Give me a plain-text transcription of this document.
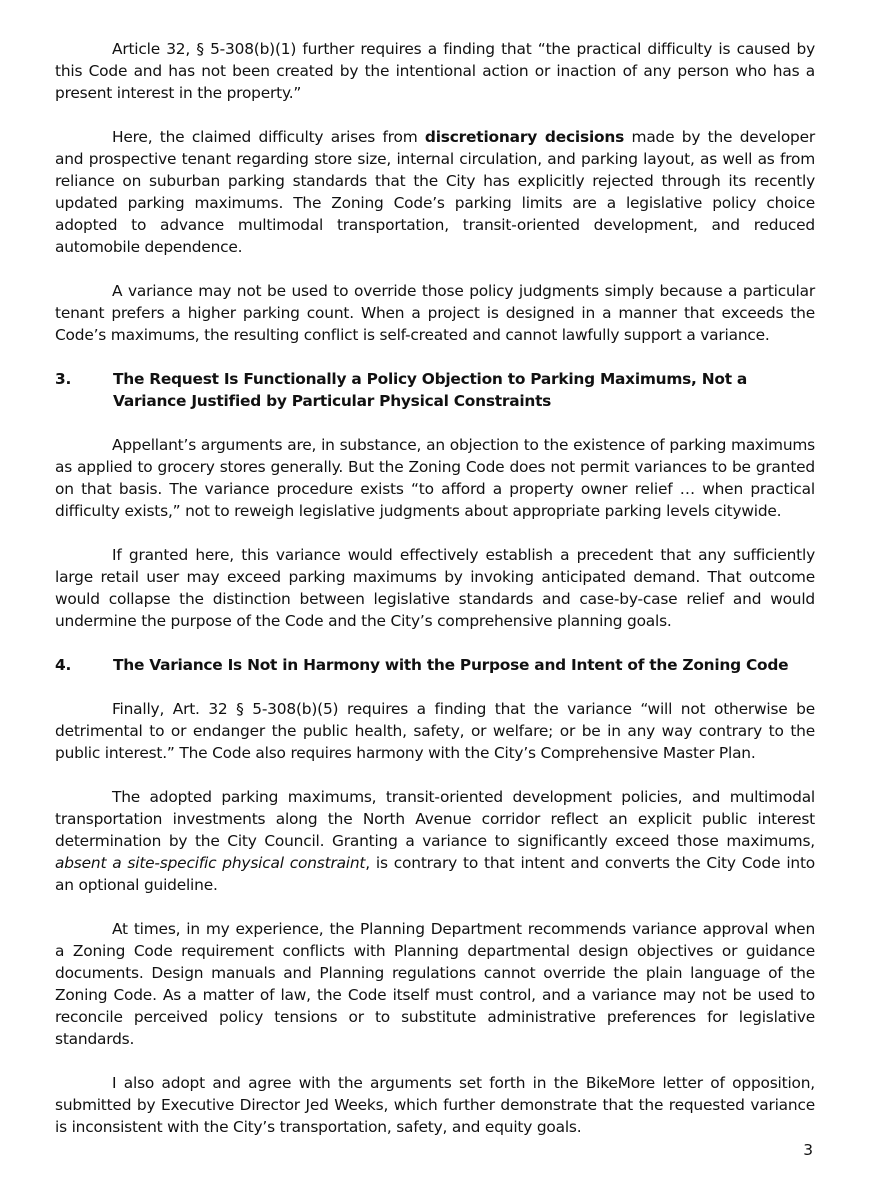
Article 32, § 5-308(b)(1) further requires a finding that “the practical difficulty is caused by this Code and has not been created by the intentional action or inaction of any person who has a present interest in the property.”

Here, the claimed difficulty arises from discretionary decisions made by the developer and prospective tenant regarding store size, internal circulation, and parking layout, as well as from reliance on suburban parking standards that the City has explicitly rejected through its recently updated parking maximums. The Zoning Code’s parking limits are a legislative policy choice adopted to advance multimodal transportation, transit-oriented development, and reduced automobile dependence.

A variance may not be used to override those policy judgments simply because a particular tenant prefers a higher parking count. When a project is designed in a manner that exceeds the Code’s maximums, the resulting conflict is self-created and cannot lawfully support a variance.

3.	The Request Is Functionally a Policy Objection to Parking Maximums, Not a Variance Justified by Particular Physical Constraints

Appellant’s arguments are, in substance, an objection to the existence of parking maximums as applied to grocery stores generally. But the Zoning Code does not permit variances to be granted on that basis. The variance procedure exists “to afford a property owner relief … when practical difficulty exists,” not to reweigh legislative judgments about appropriate parking levels citywide.

If granted here, this variance would effectively establish a precedent that any sufficiently large retail user may exceed parking maximums by invoking anticipated demand. That outcome would collapse the distinction between legislative standards and case-by-case relief and would undermine the purpose of the Code and the City’s comprehensive planning goals.

4.	The Variance Is Not in Harmony with the Purpose and Intent of the Zoning Code

Finally, Art. 32 § 5-308(b)(5) requires a finding that the variance “will not otherwise be detrimental to or endanger the public health, safety, or welfare; or be in any way contrary to the public interest.” The Code also requires harmony with the City’s Comprehensive Master Plan.

The adopted parking maximums, transit-oriented development policies, and multimodal transportation investments along the North Avenue corridor reflect an explicit public interest determination by the City Council. Granting a variance to significantly exceed those maximums, absent a site-specific physical constraint, is contrary to that intent and converts the City Code into an optional guideline.

At times, in my experience, the Planning Department recommends variance approval when a Zoning Code requirement conflicts with Planning departmental design objectives or guidance documents. Design manuals and Planning regulations cannot override the plain language of the Zoning Code. As a matter of law, the Code itself must control, and a variance may not be used to reconcile perceived policy tensions or to substitute administrative preferences for legislative standards.

I also adopt and agree with the arguments set forth in the BikeMore letter of opposition, submitted by Executive Director Jed Weeks, which further demonstrate that the requested variance is inconsistent with the City’s transportation, safety, and equity goals.

3
